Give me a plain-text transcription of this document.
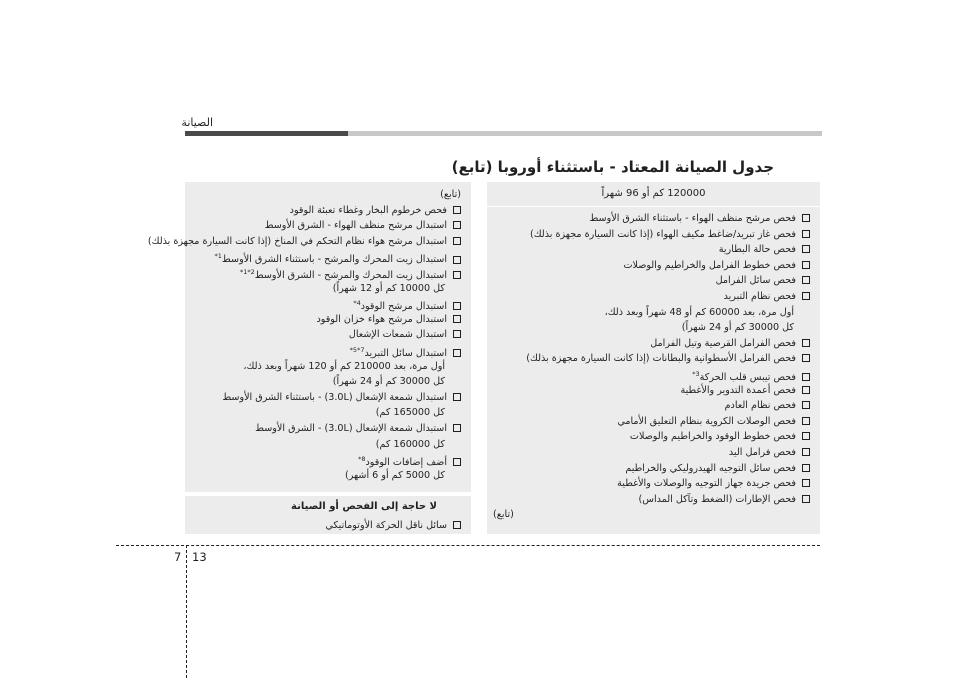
الصيانة
جدول الصيانة المعتاد - باستثناء أوروبا (تابع)
120000 كم أو 96 شهراً
فحص مرشح منظف الهواء - باستثناء الشرق الأوسط
فحص غاز تبريد/ضاغط مكيف الهواء (إذا كانت السيارة مجهزة بذلك)
فحص حالة البطارية
فحص خطوط الفرامل والخراطيم والوصلات
فحص سائل الفرامل
فحص نظام التبريد
أول مرة، بعد 60000 كم أو 48 شهراً وبعد ذلك،
كل 30000 كم أو 24 شهراً)
فحص الفرامل القرصية وتيل الفرامل
فحص الفرامل الأسطوانية والبطانات (إذا كانت السيارة مجهزة بذلك)
فحص تيبس قلب الحركة$^{3*}$
فحص أعمدة التدوير والأغطية
فحص نظام العادم
فحص الوصلات الكروية بنظام التعليق الأمامي
فحص خطوط الوقود والخراطيم والوصلات
فحص فرامل اليد
فحص سائل التوجيه الهيدروليكي والخراطيم
فحص جريدة جهاز التوجيه والوصلات والأغطية
فحص الإطارات (الضغط وتآكل المداس)
(تابع)
(تابع)
فحص خرطوم البخار وغطاء تعبئة الوقود
استبدال مرشح منظف الهواء - الشرق الأوسط
استبدال مرشح هواء نظام التحكم في المناخ (إذا كانت السيارة مجهزة بذلك)
استبدال زيت المحرك والمرشح - باستثناء الشرق الأوسط$^{1*}$
استبدال زيت المحرك والمرشح - الشرق الأوسط$^{2*1*}$
كل 10000 كم أو 12 شهراً)
استبدال مرشح الوقود$^{4*}$
استبدال مرشح هواء خزان الوقود
استبدال شمعات الإشعال
استبدال سائل التبريد$^{7*5*}$
أول مرة، بعد 210000 كم أو 120 شهراً وبعد ذلك،
كل 30000 كم أو 24 شهراً)
استبدال شمعة الإشعال (3.0L) - باستثناء الشرق الأوسط
كل 165000 كم)
استبدال شمعة الإشعال (3.0L) - الشرق الأوسط
كل 160000 كم)
أضف إضافات الوقود$^{8*}$
كل 5000 كم أو 6 أشهر)
لا حاجة إلى الفحص أو الصيانة
سائل ناقل الحركة الأوتوماتيكي
7 13
